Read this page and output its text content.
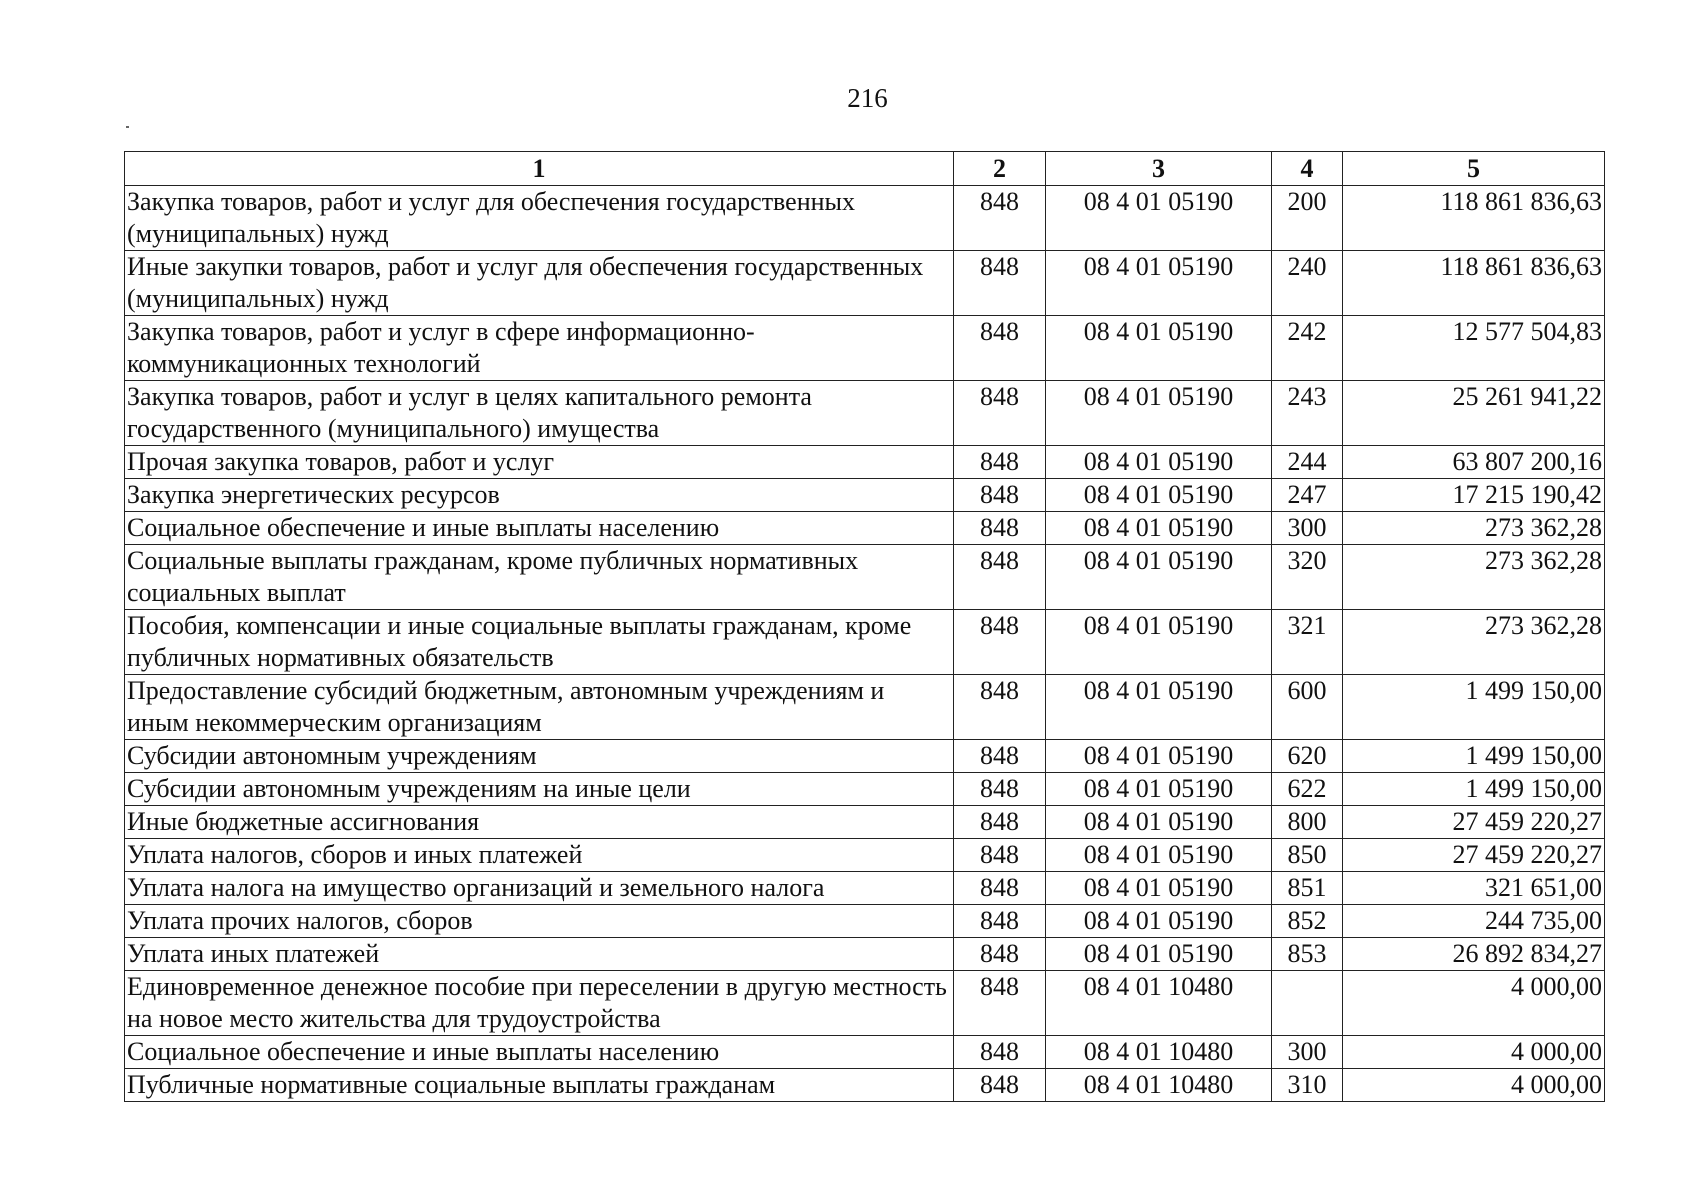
216
1	2	3	4	5
Закупка товаров, работ и услуг для обеспечения государственных (муниципальных) нужд	848	08 4 01 05190	200	118 861 836,63
Иные закупки товаров, работ и услуг для обеспечения государственных (муниципальных) нужд	848	08 4 01 05190	240	118 861 836,63
Закупка товаров, работ и услуг в сфере информационно-коммуникационных технологий	848	08 4 01 05190	242	12 577 504,83
Закупка товаров, работ и услуг в целях капитального ремонта государственного (муниципального) имущества	848	08 4 01 05190	243	25 261 941,22
Прочая закупка товаров, работ и услуг	848	08 4 01 05190	244	63 807 200,16
Закупка энергетических ресурсов	848	08 4 01 05190	247	17 215 190,42
Социальное обеспечение и иные выплаты населению	848	08 4 01 05190	300	273 362,28
Социальные выплаты гражданам, кроме публичных нормативных социальных выплат	848	08 4 01 05190	320	273 362,28
Пособия, компенсации и иные социальные выплаты гражданам, кроме публичных нормативных обязательств	848	08 4 01 05190	321	273 362,28
Предоставление субсидий бюджетным, автономным учреждениям и иным некоммерческим организациям	848	08 4 01 05190	600	1 499 150,00
Субсидии автономным учреждениям	848	08 4 01 05190	620	1 499 150,00
Субсидии автономным учреждениям на иные цели	848	08 4 01 05190	622	1 499 150,00
Иные бюджетные ассигнования	848	08 4 01 05190	800	27 459 220,27
Уплата налогов, сборов и иных платежей	848	08 4 01 05190	850	27 459 220,27
Уплата налога на имущество организаций и земельного налога	848	08 4 01 05190	851	321 651,00
Уплата прочих налогов, сборов	848	08 4 01 05190	852	244 735,00
Уплата иных платежей	848	08 4 01 05190	853	26 892 834,27
Единовременное денежное пособие при переселении в другую местность на новое место жительства для трудоустройства	848	08 4 01 10480		4 000,00
Социальное обеспечение и иные выплаты населению	848	08 4 01 10480	300	4 000,00
Публичные нормативные социальные выплаты гражданам	848	08 4 01 10480	310	4 000,00
